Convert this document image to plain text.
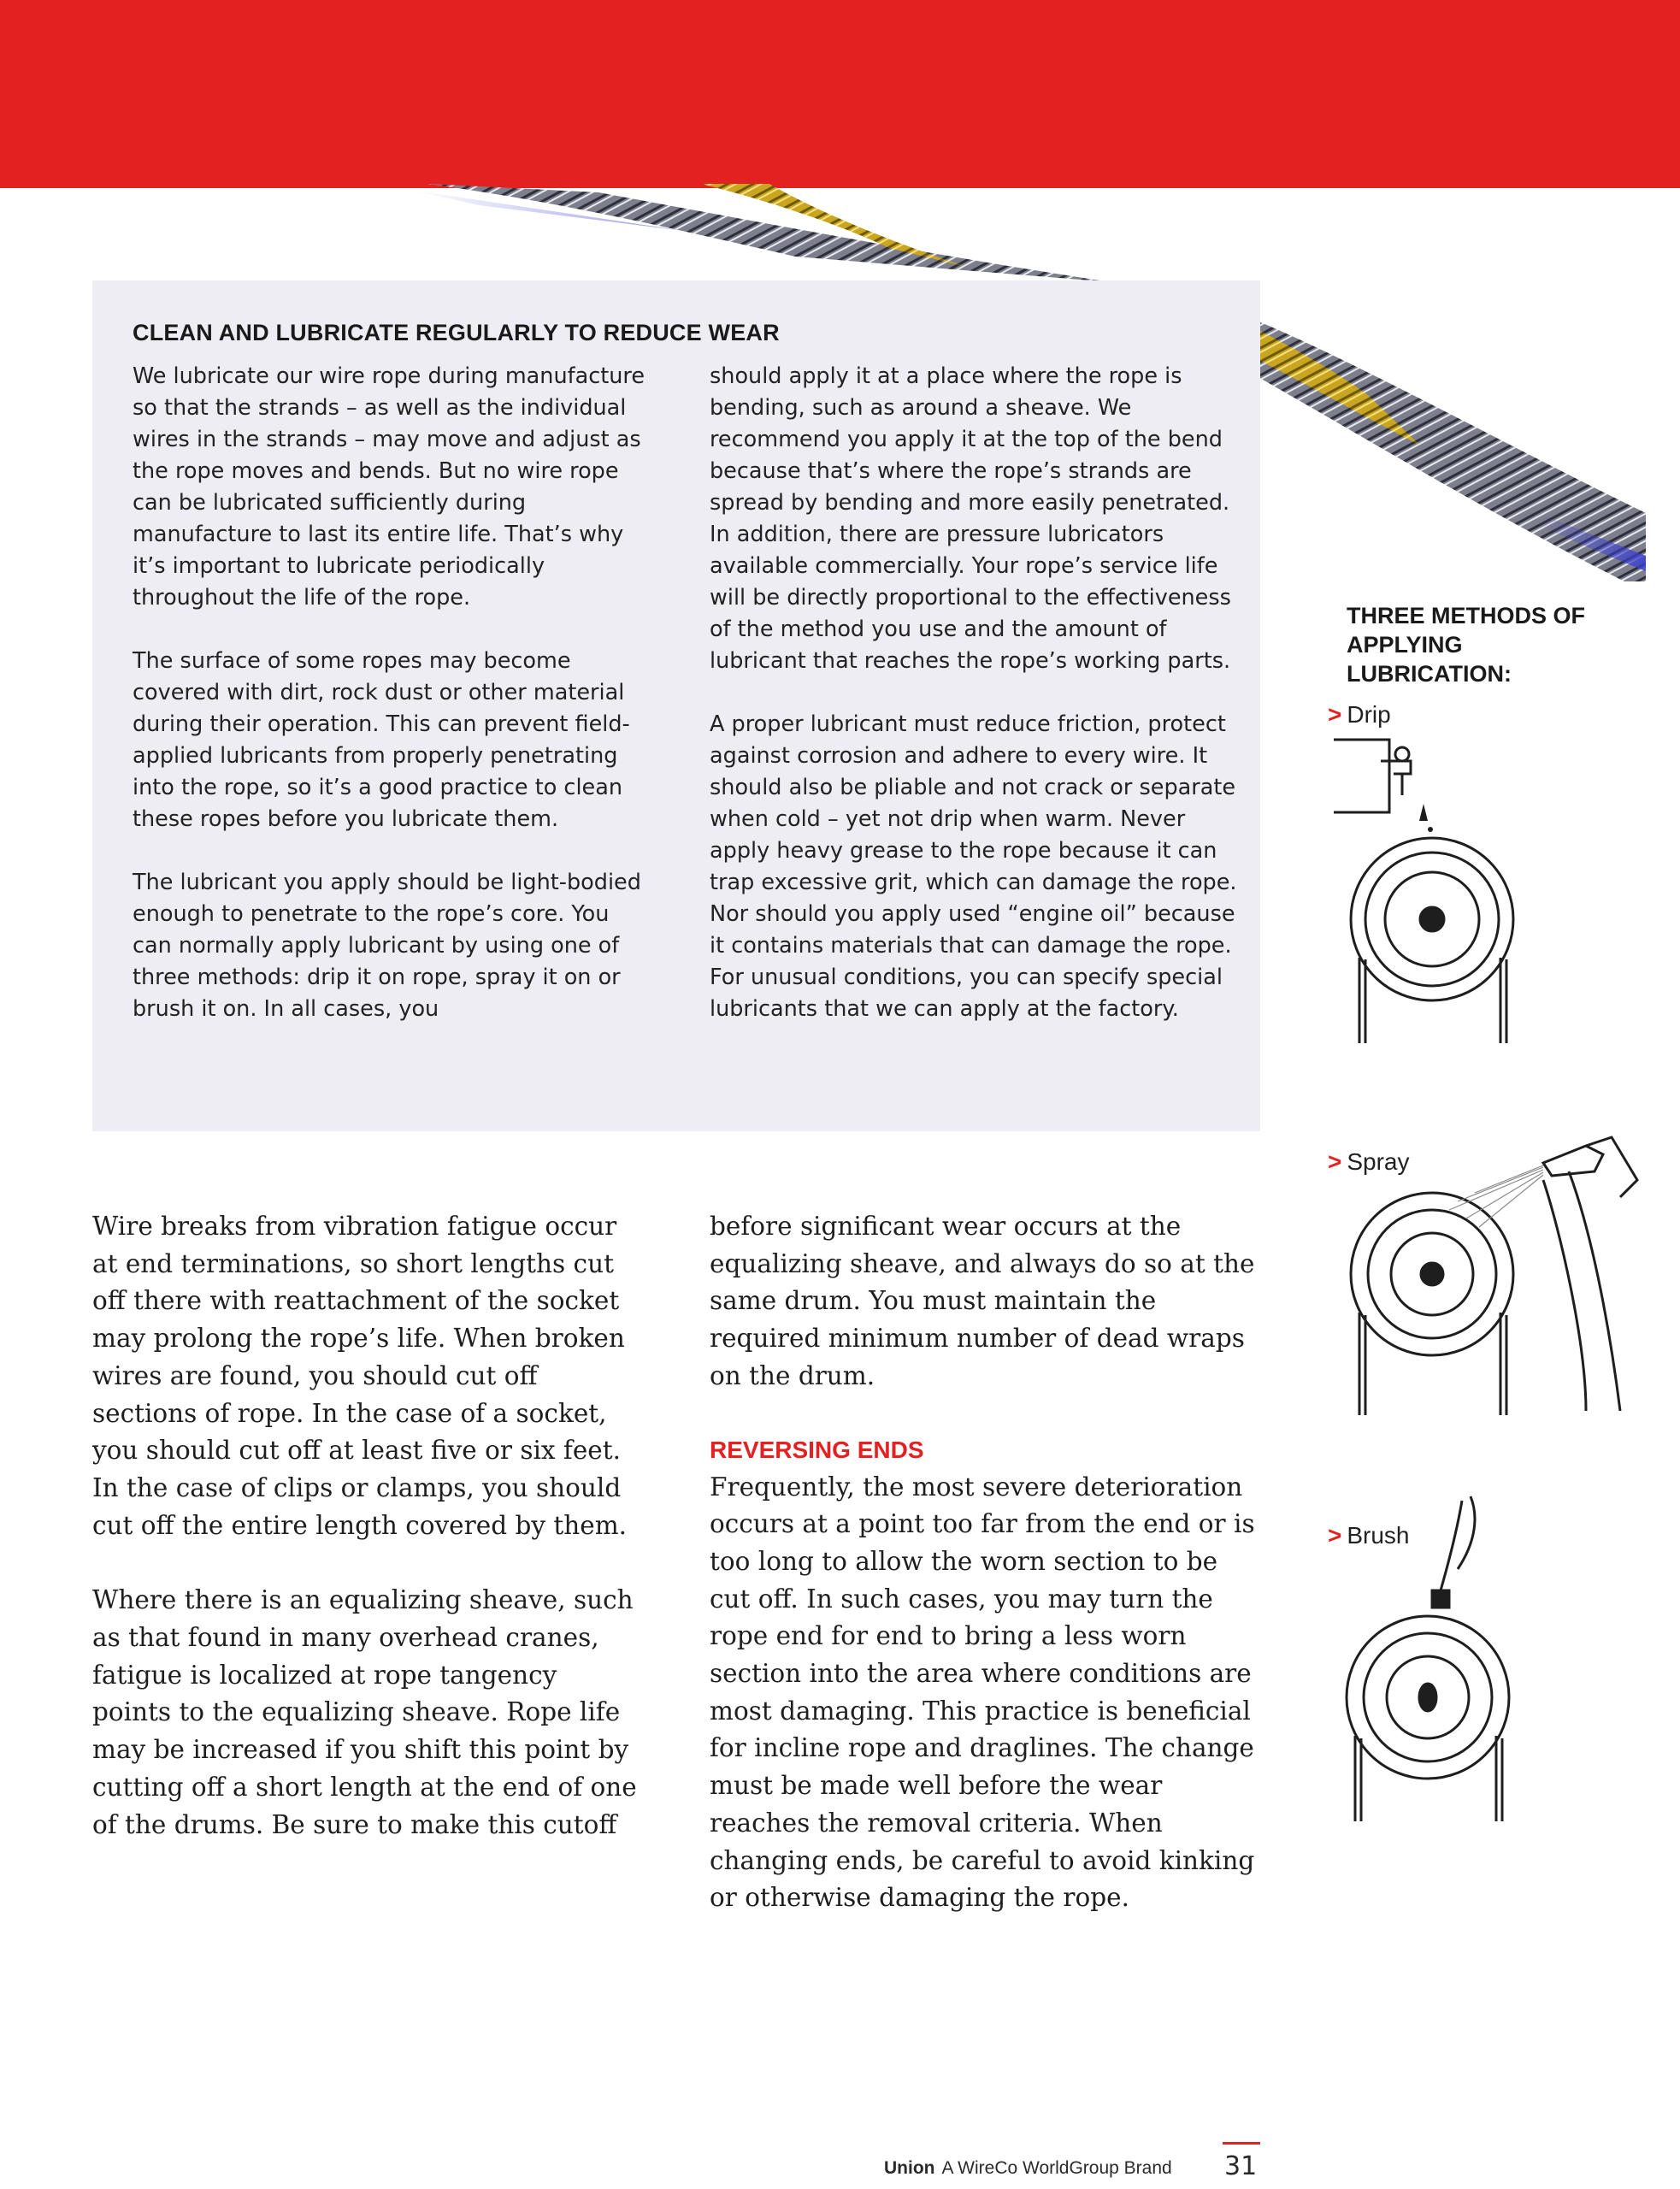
CLEAN AND LUBRICATE REGULARLY TO REDUCE WEAR

We lubricate our wire rope during manufacture so that the strands – as well as the individual wires in the strands – may move and adjust as the rope moves and bends. But no wire rope can be lubricated sufficiently during manufacture to last its entire life. That’s why it’s important to lubricate periodically throughout the life of the rope.

The surface of some ropes may become covered with dirt, rock dust or other material during their operation. This can prevent field-applied lubricants from properly penetrating into the rope, so it’s a good practice to clean these ropes before you lubricate them.

The lubricant you apply should be light-bodied enough to penetrate to the rope’s core. You can normally apply lubricant by using one of three methods: drip it on rope, spray it on or brush it on. In all cases, you

should apply it at a place where the rope is bending, such as around a sheave. We recommend you apply it at the top of the bend because that’s where the rope’s strands are spread by bending and more easily penetrated. In addition, there are pressure lubricators available commercially. Your rope’s service life will be directly proportional to the effectiveness of the method you use and the amount of lubricant that reaches the rope’s working parts.

A proper lubricant must reduce friction, protect against corrosion and adhere to every wire. It should also be pliable and not crack or separate when cold – yet not drip when warm. Never apply heavy grease to the rope because it can trap excessive grit, which can damage the rope. Nor should you apply used “engine oil” because it contains materials that can damage the rope. For unusual conditions, you can specify special lubricants that we can apply at the factory.

Wire breaks from vibration fatigue occur at end terminations, so short lengths cut off there with reattachment of the socket may prolong the rope’s life. When broken wires are found, you should cut off sections of rope. In the case of a socket, you should cut off at least five or six feet. In the case of clips or clamps, you should cut off the entire length covered by them.

Where there is an equalizing sheave, such as that found in many overhead cranes, fatigue is localized at rope tangency points to the equalizing sheave. Rope life may be increased if you shift this point by cutting off a short length at the end of one of the drums. Be sure to make this cutoff

before significant wear occurs at the equalizing sheave, and always do so at the same drum. You must maintain the required minimum number of dead wraps on the drum.

REVERSING ENDS

Frequently, the most severe deterioration occurs at a point too far from the end or is too long to allow the worn section to be cut off. In such cases, you may turn the rope end for end to bring a less worn section into the area where conditions are most damaging. This practice is beneficial for incline rope and draglines. The change must be made well before the wear reaches the removal criteria. When changing ends, be careful to avoid kinking or otherwise damaging the rope.

THREE METHODS OF APPLYING LUBRICATION:
> Drip
> Spray
> Brush
Union A WireCo WorldGroup Brand 31
